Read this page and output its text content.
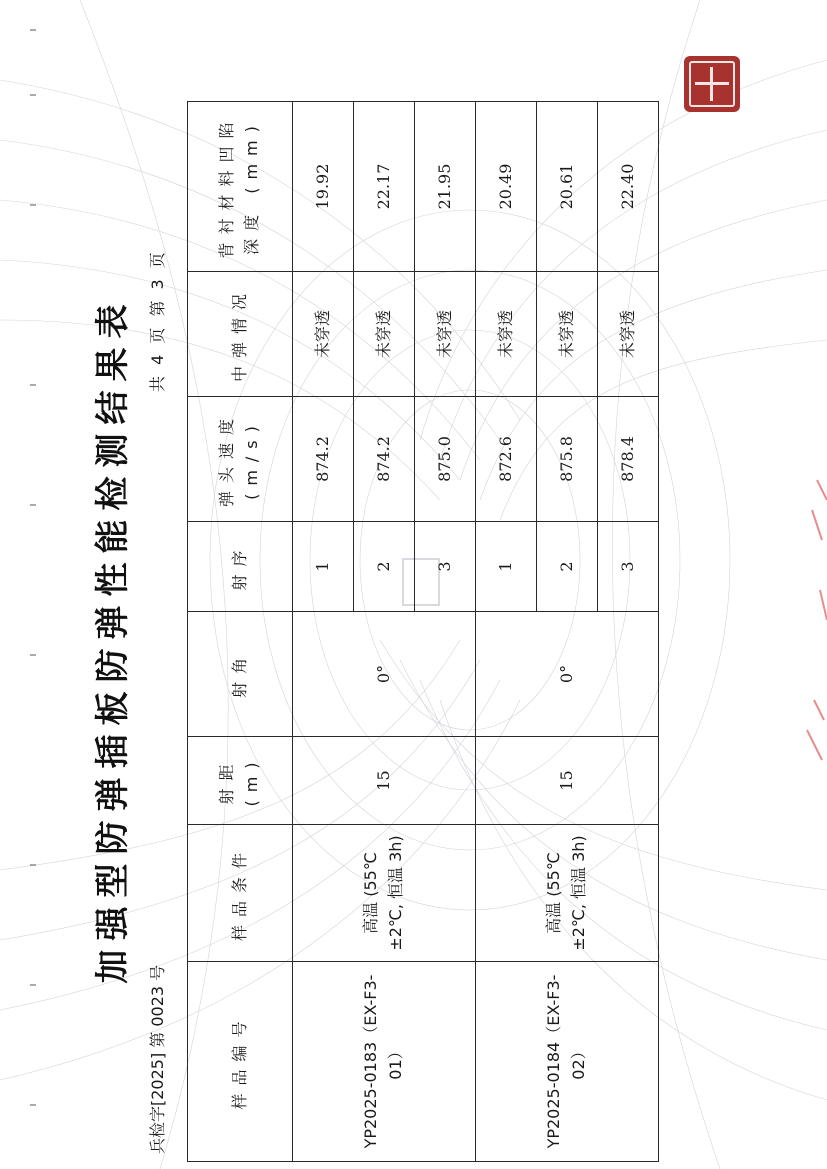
加强型防弹插板防弹性能检测结果表
兵检字[2025] 第 0023 号
共 4 页 第 3 页
样品编号	样品条件	射距 (m)	射角	射序	弹头速度 (m/s)	中弹情况	背衬材料凹陷深度 (mm)
YP2025-0183（EX-F3-01）	高温 (55℃±2℃, 恒温 3h)	15	0°	1	874.2	未穿透	19.92
				2	874.2	未穿透	22.17
				3	875.0	未穿透	21.95
YP2025-0184（EX-F3-02）	高温 (55℃±2℃, 恒温 3h)	15	0°	1	872.6	未穿透	20.49
				2	875.8	未穿透	20.61
				3	878.4	未穿透	22.40
